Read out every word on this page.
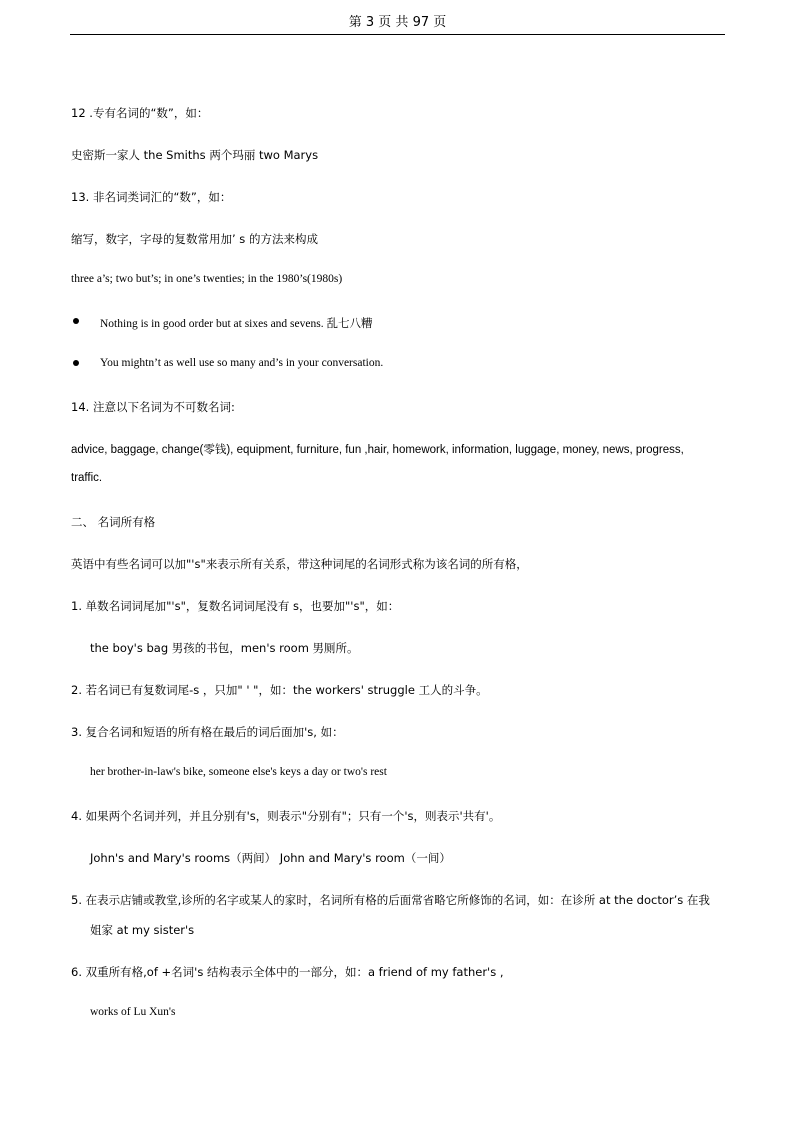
第 3 页 共 97 页
12 .专有名词的“数”，如：
史密斯一家人 the Smiths 两个玛丽 two Marys
13. 非名词类词汇的“数”，如：
缩写，数字，字母的复数常用加’ s 的方法来构成
three a’s; two but’s; in one’s twenties; in the 1980’s(1980s)
Nothing is in good order but at sixes and sevens. 乱七八糟
You mightn’t as well use so many and’s in your conversation.
14. 注意以下名词为不可数名词:
advice, baggage, change(零钱), equipment, furniture, fun ,hair, homework, information, luggage, money, news, progress,
traffic.
二、 名词所有格
英语中有些名词可以加"'s"来表示所有关系，带这种词尾的名词形式称为该名词的所有格，
1. 单数名词词尾加"'s"，复数名词词尾没有 s，也要加"'s"，如：
the boy's bag 男孩的书包，men's room 男厕所。
2. 若名词已有复数词尾-s ，只加" ' "，如：the workers' struggle 工人的斗争。
3. 复合名词和短语的所有格在最后的词后面加's, 如：
her brother-in-law's bike, someone else's keys a day or two's rest
4. 如果两个名词并列，并且分别有's，则表示"分别有"；只有一个's，则表示'共有'。
John's and Mary's rooms（两间） John and Mary's room（一间）
5. 在表示店铺或教堂,诊所的名字或某人的家时，名词所有格的后面常省略它所修饰的名词，如：在诊所 at the doctor’s 在我
姐家 at my sister's
6. 双重所有格,of +名词's 结构表示全体中的一部分，如：a friend of my father's ,
works of Lu Xun's
